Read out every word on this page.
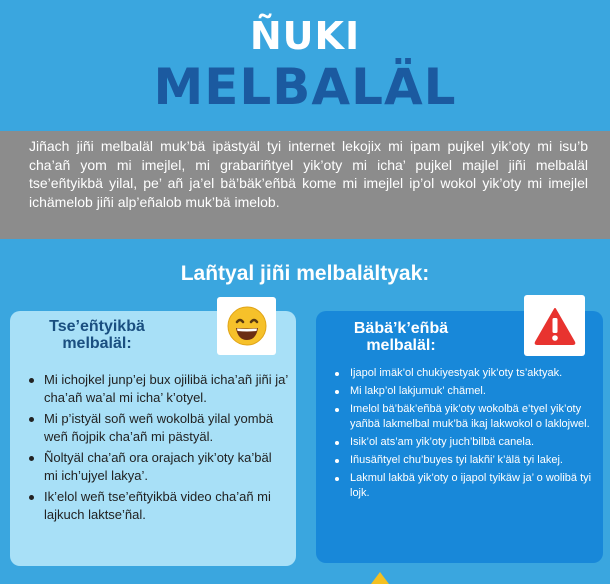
ÑUKI
MELBALÄL
Jiñach jiñi melbaläl muk’bä ipästyäl tyi internet lekojix mi ipam pujkel yik’oty mi isu’b cha’añ yom mi imejlel, mi grabariñtyel yik’oty mi icha’ pujkel majlel jiñi melbaläl tse’eñtyikbä yilal, pe’ añ ja’el bä’bäk’eñbä kome mi imejlel ip’ol wokol yik’oty mi imejlel ichämelob jiñi alp’eñalob muk’bä imelob.
Lañtyal jiñi melbalältyak:
Tse’eñtyikbä
melbaläl:
Mi ichojkel junp’ej bux ojilibä icha’añ jiñi ja’ cha’añ wa’al mi icha’ k’otyel.
Mi p’istyäl soñ weñ wokolbä yilal yombä weñ ñojpik cha’añ mi pästyäl.
Ñoltyäl cha’añ ora orajach yik’oty ka’bäl mi ich’ujyel lakya’.
Ik’elol weñ tse’eñtyikbä video cha’añ mi lajkuch laktse’ñal.
Bäbä’k’eñbä
melbaläl:
Ijapol imäk’ol chukiyestyak yik’oty ts’aktyak.
Mi lakp’ol lakjumuk’ chämel.
Imelol bä’bäk’eñbä yik’oty wokolbä e’tyel yik’oty yañbä lakmelbal muk’bä ikaj lakwokol o laklojwel.
Isik’ol ats’am yik’oty juch’bilbä canela.
Iñusäñtyel chu’buyes tyi lakñi’ k’älä tyi lakej.
Lakmul lakbä yik’oty o ijapol tyikäw ja’ o wolibä tyi lojk.
